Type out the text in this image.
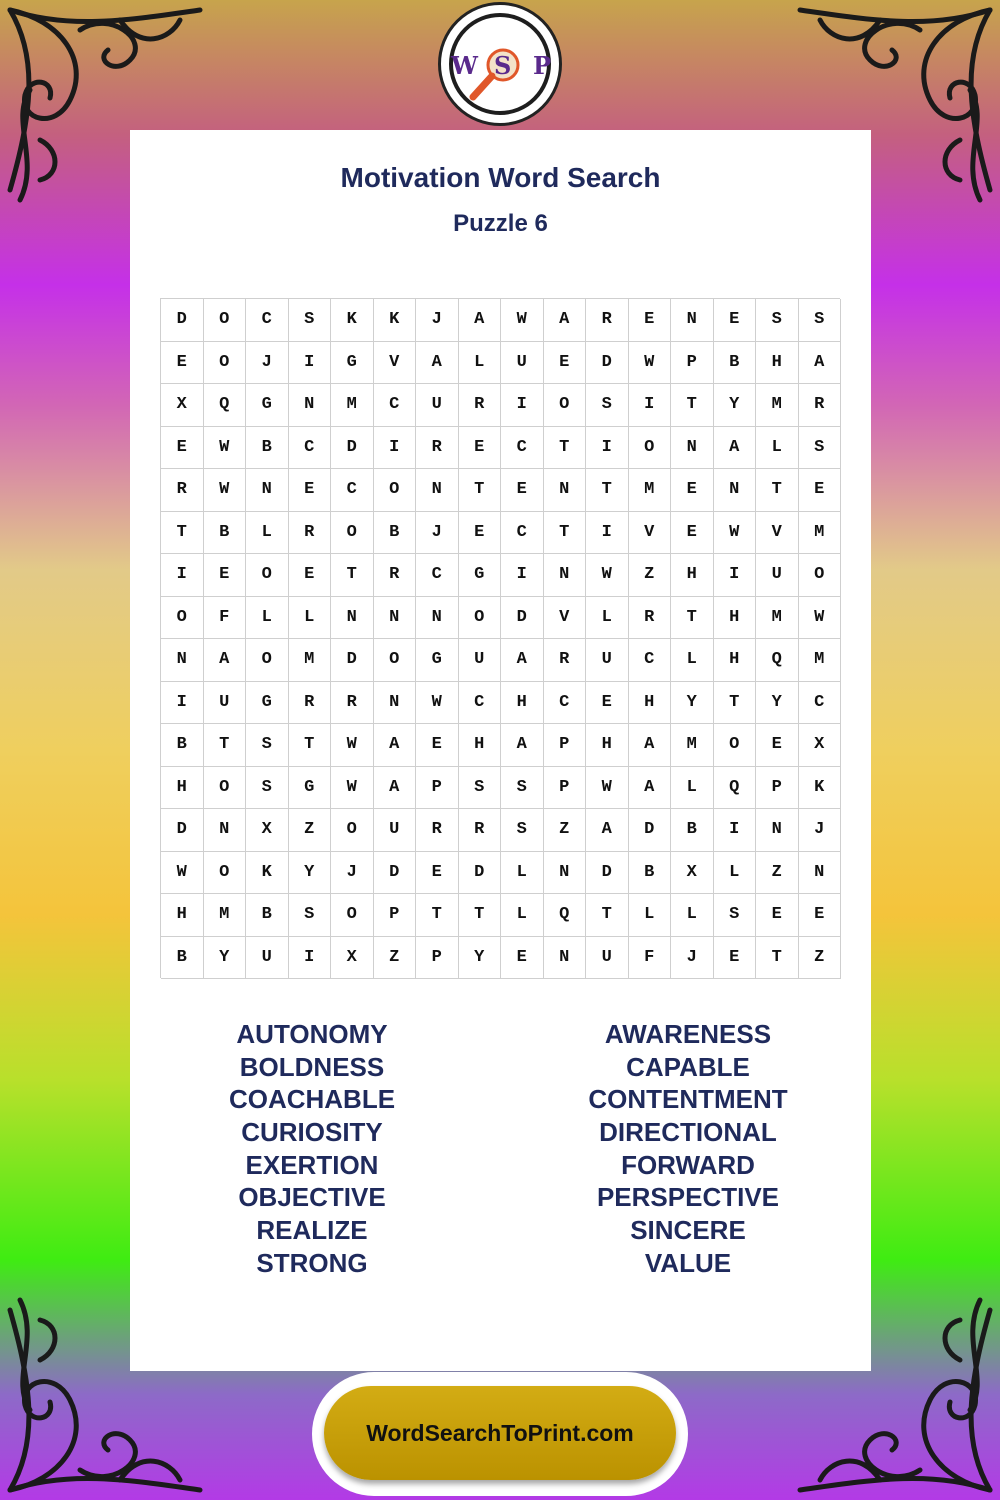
Motivation Word Search
Puzzle 6
D	O	C	S	K	K	J	A	W	A	R	E	N	E	S	S
E	O	J	I	G	V	A	L	U	E	D	W	P	B	H	A
X	Q	G	N	M	C	U	R	I	O	S	I	T	Y	M	R
E	W	B	C	D	I	R	E	C	T	I	O	N	A	L	S
R	W	N	E	C	O	N	T	E	N	T	M	E	N	T	E
T	B	L	R	O	B	J	E	C	T	I	V	E	W	V	M
I	E	O	E	T	R	C	G	I	N	W	Z	H	I	U	O
O	F	L	L	N	N	N	O	D	V	L	R	T	H	M	W
N	A	O	M	D	O	G	U	A	R	U	C	L	H	Q	M
I	U	G	R	R	N	W	C	H	C	E	H	Y	T	Y	C
B	T	S	T	W	A	E	H	A	P	H	A	M	O	E	X
H	O	S	G	W	A	P	S	S	P	W	A	L	Q	P	K
D	N	X	Z	O	U	R	R	S	Z	A	D	B	I	N	J
W	O	K	Y	J	D	E	D	L	N	D	B	X	L	Z	N
H	M	B	S	O	P	T	T	L	Q	T	L	L	S	E	E
B	Y	U	I	X	Z	P	Y	E	N	U	F	J	E	T	Z
AUTONOMY
BOLDNESS
COACHABLE
CURIOSITY
EXERTION
OBJECTIVE
REALIZE
STRONG
AWARENESS
CAPABLE
CONTENTMENT
DIRECTIONAL
FORWARD
PERSPECTIVE
SINCERE
VALUE
W S P
WordSearchToPrint.com
